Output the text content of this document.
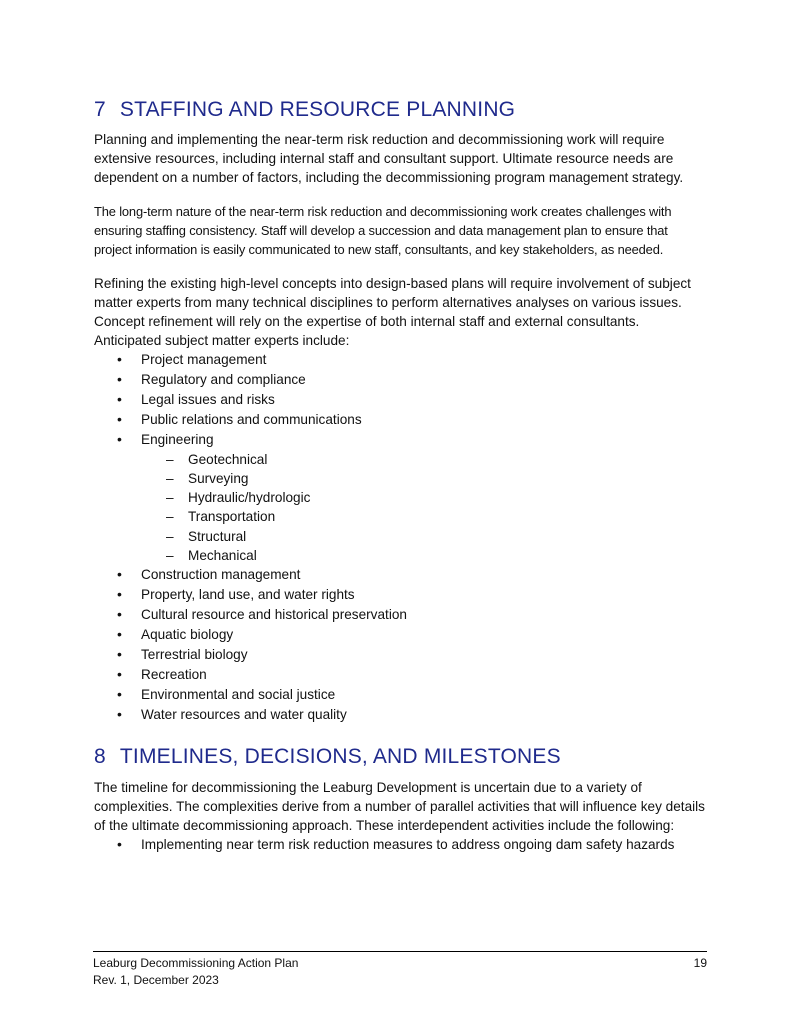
7 STAFFING AND RESOURCE PLANNING

Planning and implementing the near-term risk reduction and decommissioning work will require extensive resources, including internal staff and consultant support. Ultimate resource needs are dependent on a number of factors, including the decommissioning program management strategy.

The long-term nature of the near-term risk reduction and decommissioning work creates challenges with ensuring staffing consistency. Staff will develop a succession and data management plan to ensure that project information is easily communicated to new staff, consultants, and key stakeholders, as needed.

Refining the existing high-level concepts into design-based plans will require involvement of subject matter experts from many technical disciplines to perform alternatives analyses on various issues. Concept refinement will rely on the expertise of both internal staff and external consultants. Anticipated subject matter experts include:

• Project management
• Regulatory and compliance
• Legal issues and risks
• Public relations and communications
• Engineering
– Geotechnical
– Surveying
– Hydraulic/hydrologic
– Transportation
– Structural
– Mechanical
• Construction management
• Property, land use, and water rights
• Cultural resource and historical preservation
• Aquatic biology
• Terrestrial biology
• Recreation
• Environmental and social justice
• Water resources and water quality
8 TIMELINES, DECISIONS, AND MILESTONES

The timeline for decommissioning the Leaburg Development is uncertain due to a variety of complexities. The complexities derive from a number of parallel activities that will influence key details of the ultimate decommissioning approach. These interdependent activities include the following:

• Implementing near term risk reduction measures to address ongoing dam safety hazards
Leaburg Decommissioning Action Plan	19
Rev. 1, December 2023
